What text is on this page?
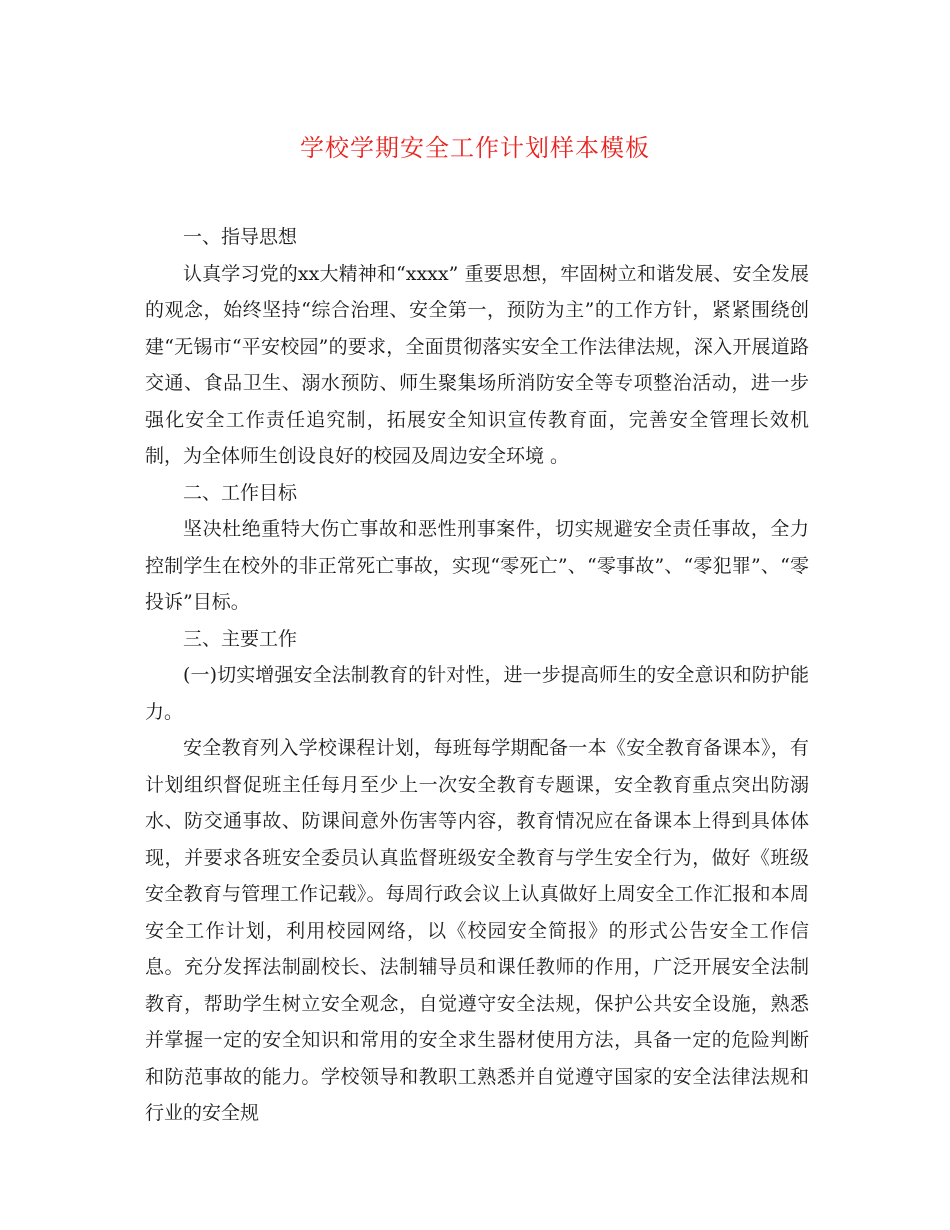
学校学期安全工作计划样本模板

一、指导思想

认真学习党的xx大精神和“xxxx” 重要思想，牢固树立和谐发展、安全发展的观念，始终坚持“综合治理、安全第一，预防为主”的工作方针，紧紧围绕创建“无锡市“平安校园”的要求，全面贯彻落实安全工作法律法规，深入开展道路交通、食品卫生、溺水预防、师生聚集场所消防安全等专项整治活动，进一步强化安全工作责任追究制，拓展安全知识宣传教育面，完善安全管理长效机制，为全体师生创设良好的校园及周边安全环境 。

二、工作目标

坚决杜绝重特大伤亡事故和恶性刑事案件，切实规避安全责任事故，全力控制学生在校外的非正常死亡事故，实现“零死亡”、“零事故”、“零犯罪”、“零投诉”目标。

三、主要工作

(一)切实增强安全法制教育的针对性，进一步提高师生的安全意识和防护能力。

安全教育列入学校课程计划，每班每学期配备一本《安全教育备课本》，有计划组织督促班主任每月至少上一次安全教育专题课，安全教育重点突出防溺水、防交通事故、防课间意外伤害等内容，教育情况应在备课本上得到具体体现，并要求各班安全委员认真监督班级安全教育与学生安全行为，做好《班级安全教育与管理工作记载》。每周行政会议上认真做好上周安全工作汇报和本周安全工作计划，利用校园网络，以《校园安全简报》的形式公告安全工作信息。充分发挥法制副校长、法制辅导员和课任教师的作用，广泛开展安全法制教育，帮助学生树立安全观念，自觉遵守安全法规，保护公共安全设施，熟悉并掌握一定的安全知识和常用的安全求生器材使用方法，具备一定的危险判断和防范事故的能力。学校领导和教职工熟悉并自觉遵守国家的安全法律法规和行业的安全规
